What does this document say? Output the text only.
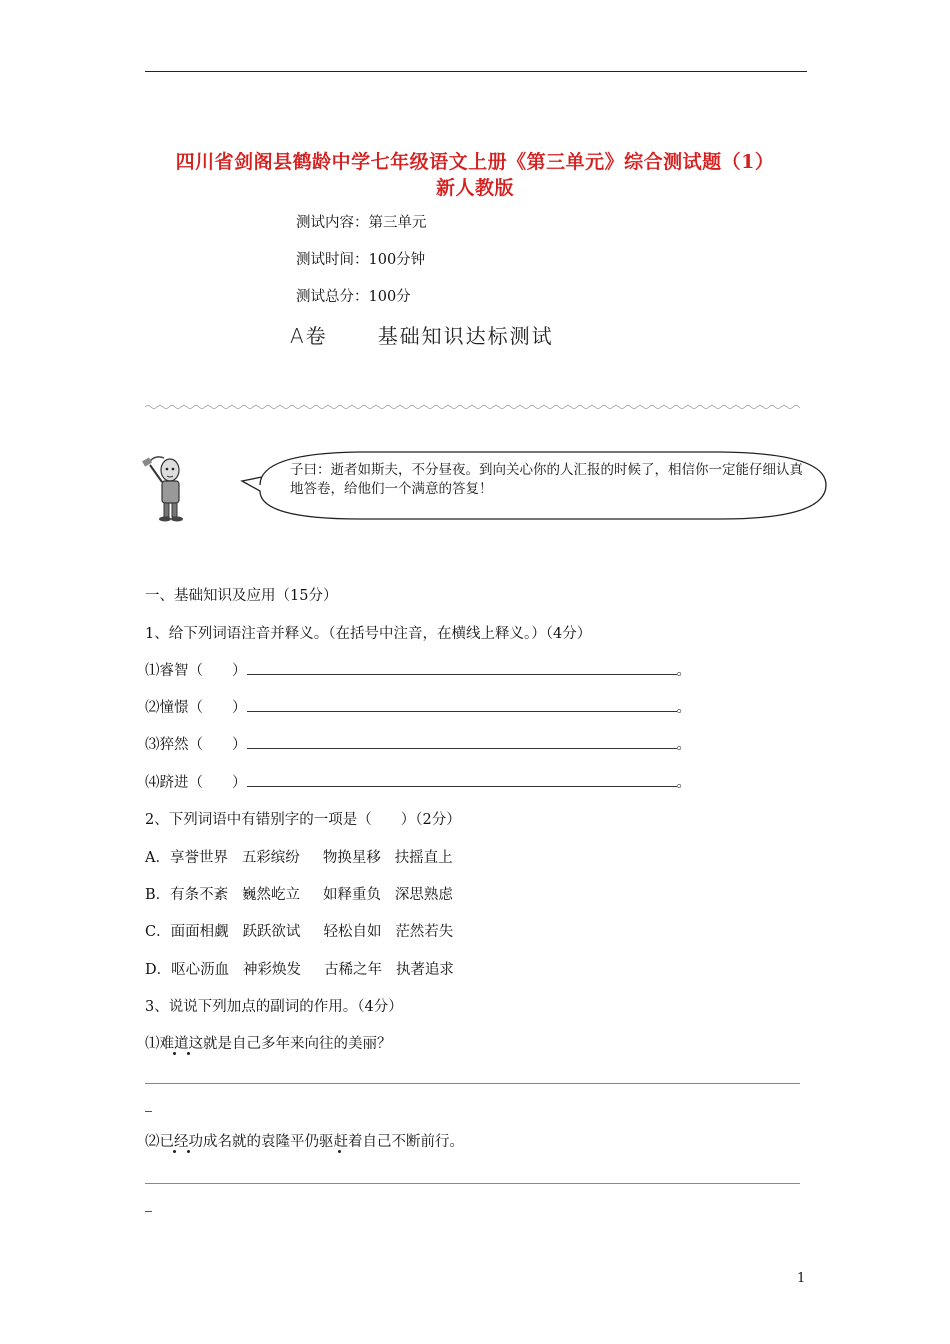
四川省剑阁县鹤龄中学七年级语文上册《第三单元》综合测试题（1）
新人教版
测试内容：第三单元
测试时间：100分钟
测试总分：100分
A卷	基础知识达标测试
子曰：逝者如斯夫，不分昼夜。到向关心你的人汇报的时候了，相信你一定能仔细认真地答卷，给他们一个满意的答复！
一、基础知识及应用（15分）
1、给下列词语注音并释义。（在括号中注音，在横线上释义。）（4分）
⑴睿智（　　）	。
⑵憧憬（　　）	。
⑶猝然（　　）	。
⑷跻进（　　）	。
2、下列词语中有错别字的一项是（　　）（2分）
A．享誉世界 五彩缤纷 物换星移 扶摇直上
B．有条不紊 巍然屹立 如释重负 深思熟虑
C．面面相觑 跃跃欲试 轻松自如 茫然若失
D．呕心沥血 神彩焕发 古稀之年 执著追求
3、说说下列加点的副词的作用。（4分）
⑴难道这就是自己多年来向往的美丽？
⑵已经功成名就的袁隆平仍驱赶着自己不断前行。
1
